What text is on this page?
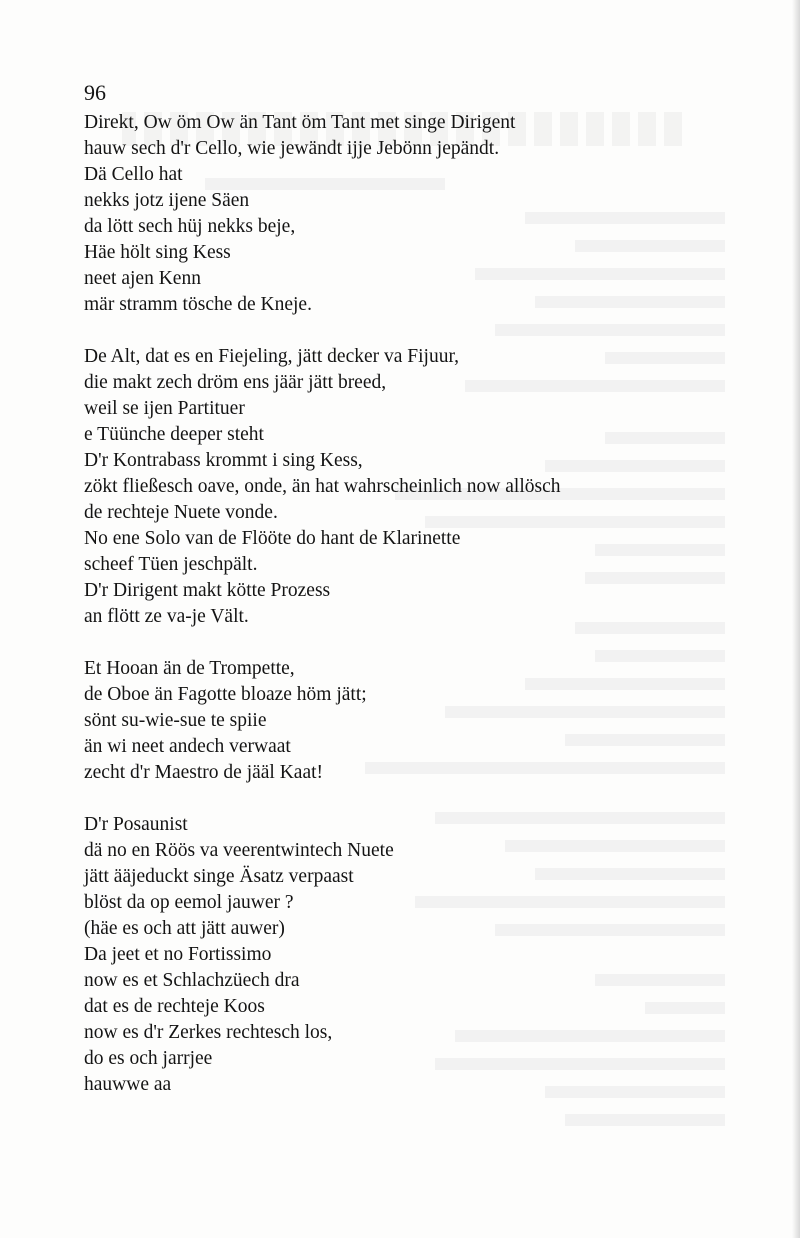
96
Direkt, Ow öm Ow än Tant öm Tant met singe Dirigent
hauw sech d'r Cello, wie jewändt ijje Jebönn jepändt.
Dä Cello hat
nekks jotz ijene Säen
da lött sech hüj nekks beje,
Häe hölt sing Kess
neet ajen Kenn
mär stramm tösche de Kneje.
De Alt, dat es en Fiejeling, jätt decker va Fijuur,
die makt zech dröm ens jäär jätt breed,
weil se ijen Partituer
e Tüünche deeper steht
D'r Kontrabass krommt i sing Kess,
zökt fließesch oave, onde, än hat wahrscheinlich now allösch
de rechteje Nuete vonde.
No ene Solo van de Flööte do hant de Klarinette
scheef Tüen jeschpält.
D'r Dirigent makt kötte Prozess
an flött ze va-je Vält.
Et Hooan än de Trompette,
de Oboe än Fagotte bloaze höm jätt;
sönt su-wie-sue te spiie
än wi neet andech verwaat
zecht d'r Maestro de jääl Kaat!
D'r Posaunist
dä no en Röös va veerentwintech Nuete
jätt ääjeduckt singe Äsatz verpaast
blöst da op eemol jauwer ?
(häe es och att jätt auwer)
Da jeet et no Fortissimo
now es et Schlachzüech dra
dat es de rechteje Koos
now es d'r Zerkes rechtesch los,
do es och jarrjee
hauwwe aa
